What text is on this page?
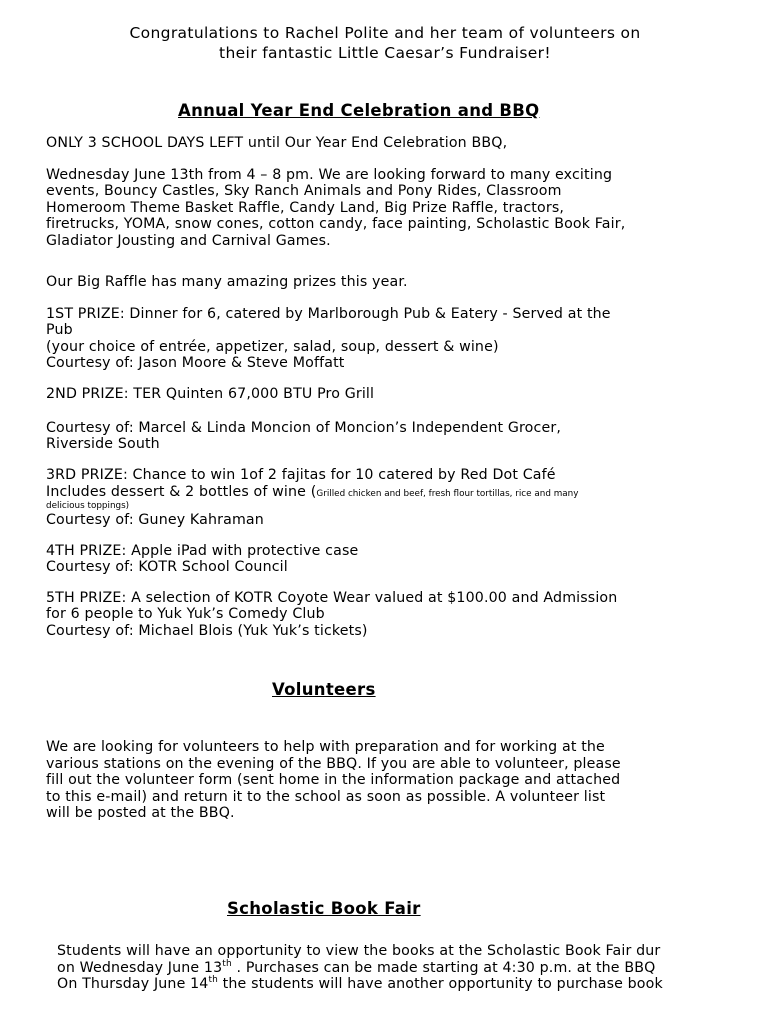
Congratulations to Rachel Polite and her team of volunteers on
their fantastic Little Caesar’s Fundraiser!
Annual Year End Celebration and BBQ
ONLY 3 SCHOOL DAYS LEFT until Our Year End Celebration BBQ,
Wednesday June 13th from 4 – 8 pm. We are looking forward to many exciting
events, Bouncy Castles, Sky Ranch Animals and Pony Rides, Classroom
Homeroom Theme Basket Raffle, Candy Land, Big Prize Raffle, tractors,
firetrucks, YOMA, snow cones, cotton candy, face painting, Scholastic Book Fair,
Gladiator Jousting and Carnival Games.
Our Big Raffle has many amazing prizes this year.
1ST PRIZE: Dinner for 6, catered by Marlborough Pub & Eatery - Served at the
Pub
(your choice of entrée, appetizer, salad, soup, dessert & wine)
Courtesy of: Jason Moore & Steve Moffatt
2ND PRIZE: TER Quinten 67,000 BTU Pro Grill
Courtesy of: Marcel & Linda Moncion of Moncion’s Independent Grocer,
Riverside South
3RD PRIZE: Chance to win 1of 2 fajitas for 10 catered by Red Dot Café
Includes dessert & 2 bottles of wine (Grilled chicken and beef, fresh flour tortillas, rice and many
delicious toppings)
Courtesy of: Guney Kahraman
4TH PRIZE: Apple iPad with protective case
Courtesy of: KOTR School Council
5TH PRIZE: A selection of KOTR Coyote Wear valued at $100.00 and Admission
for 6 people to Yuk Yuk’s Comedy Club
Courtesy of: Michael Blois (Yuk Yuk’s tickets)
Volunteers
We are looking for volunteers to help with preparation and for working at the
various stations on the evening of the BBQ. If you are able to volunteer, please
fill out the volunteer form (sent home in the information package and attached
to this e-mail) and return it to the school as soon as possible. A volunteer list
will be posted at the BBQ.
Scholastic Book Fair
Students will have an opportunity to view the books at the Scholastic Book Fair dur
on Wednesday June 13th . Purchases can be made starting at 4:30 p.m. at the BBQ
On Thursday June 14th the students will have another opportunity to purchase book
